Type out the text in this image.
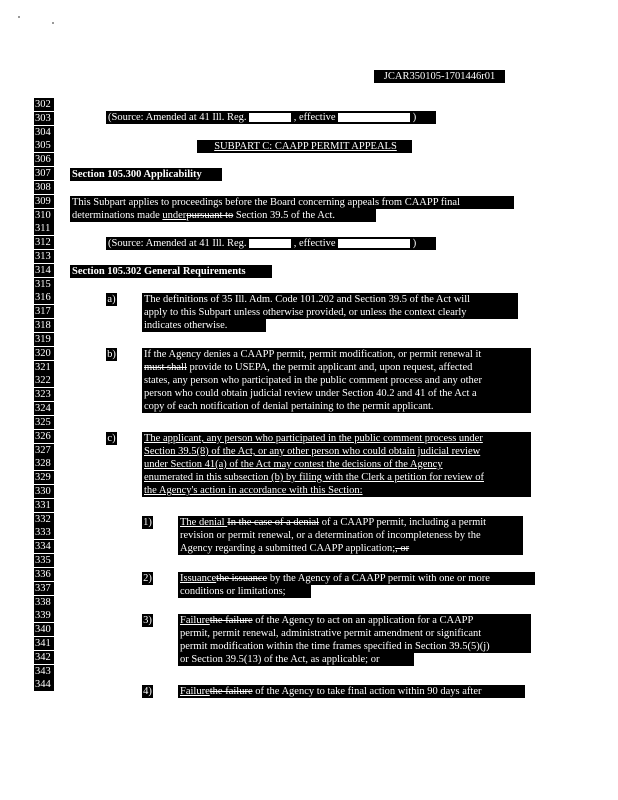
JCAR350105-1701446r01
(Source: Amended at 41 Ill. Reg.	, effective	)
SUBPART C: CAAPP PERMIT APPEALS
Section 105.300 Applicability
This Subpart applies to proceedings before the Board concerning appeals from CAAPP final
determinations made underpursuant to Section 39.5 of the Act.
(Source: Amended at 41 Ill. Reg.	, effective	)
Section 105.302 General Requirements
a)	The definitions of 35 Ill. Adm. Code 101.202 and Section 39.5 of the Act will
apply to this Subpart unless otherwise provided, or unless the context clearly
indicates otherwise.
b)	If the Agency denies a CAAPP permit, permit modification, or permit renewal it
must shall provide to USEPA, the permit applicant and, upon request, affected
states, any person who participated in the public comment process and any other
person who could obtain judicial review under Section 40.2 and 41 of the Act a
copy of each notification of denial pertaining to the permit applicant.
c)	The applicant, any person who participated in the public comment process under
Section 39.5(8) of the Act, or any other person who could obtain judicial review
under Section 41(a) of the Act may contest the decisions of the Agency
enumerated in this subsection (b) by filing with the Clerk a petition for review of
the Agency's action in accordance with this Section:
1)	The denial In the case of a denial of a CAAPP permit, including a permit
revision or permit renewal, or a determination of incompleteness by the
Agency regarding a submitted CAAPP application;, or
2)	Issuancethe issuance by the Agency of a CAAPP permit with one or more
conditions or limitations;
3)	Failurethe failure of the Agency to act on an application for a CAAPP
permit, permit renewal, administrative permit amendment or significant
permit modification within the time frames specified in Section 39.5(5)(j)
or Section 39.5(13) of the Act, as applicable; or
4)	Failurethe failure of the Agency to take final action within 90 days after
302
303
304
305
306
307
308
309
310
311
312
313
314
315
316
317
318
319
320
321
322
323
324
325
326
327
328
329
330
331
332
333
334
335
336
337
338
339
340
341
342
343
344
